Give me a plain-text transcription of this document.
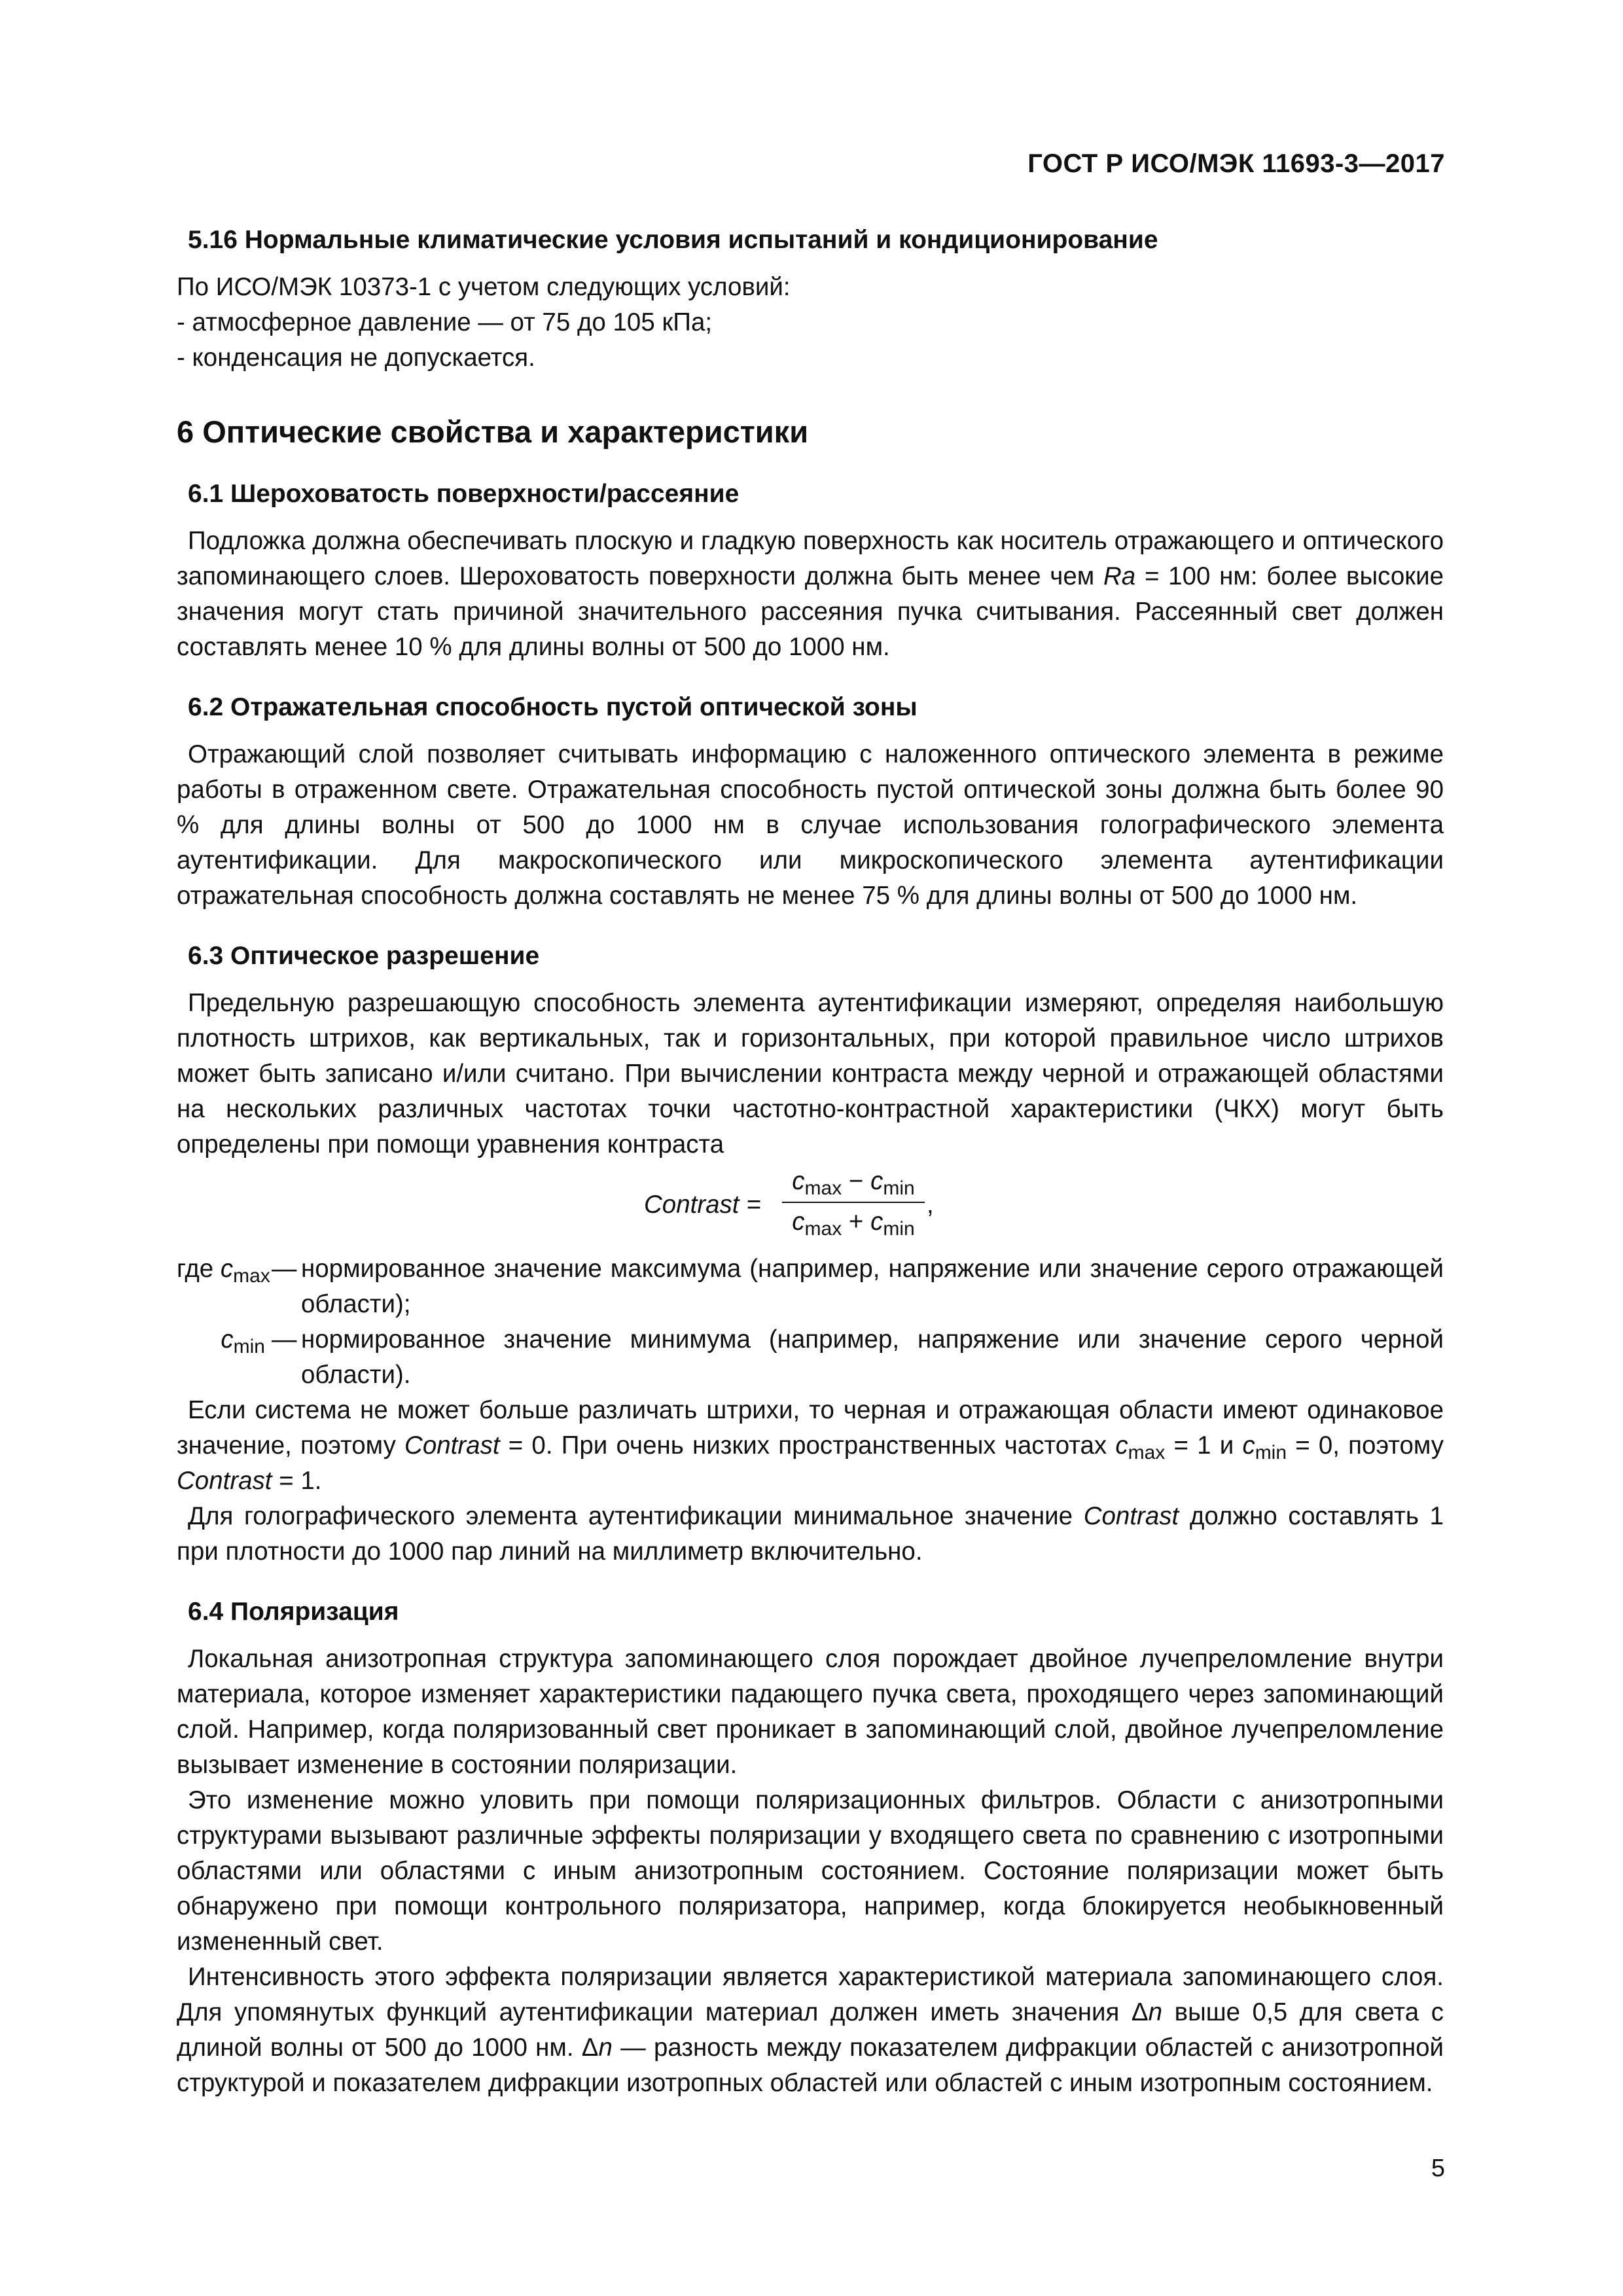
ГОСТ Р ИСО/МЭК 11693-3—2017
5.16 Нормальные климатические условия испытаний и кондиционирование

По ИСО/МЭК 10373-1 с учетом следующих условий:

- атмосферное давление — от 75 до 105 кПа;

- конденсация не допускается.

6 Оптические свойства и характеристики
6.1 Шероховатость поверхности/рассеяние

Подложка должна обеспечивать плоскую и гладкую поверхность как носитель отражающего и оптического запоминающего слоев. Шероховатость поверхности должна быть менее чем Ra = 100 нм: более высокие значения могут стать причиной значительного рассеяния пучка считывания. Рассеянный свет должен составлять менее 10 % для длины волны от 500 до 1000 нм.

6.2 Отражательная способность пустой оптической зоны

Отражающий слой позволяет считывать информацию с наложенного оптического элемента в режиме работы в отраженном свете. Отражательная способность пустой оптической зоны должна быть более 90 % для длины волны от 500 до 1000 нм в случае использования голографического элемента аутентификации. Для макроскопического или микроскопического элемента аутентификации отражательная способность должна составлять не менее 75 % для длины волны от 500 до 1000 нм.

6.3 Оптическое разрешение

Предельную разрешающую способность элемента аутентификации измеряют, определяя наибольшую плотность штрихов, как вертикальных, так и горизонтальных, при которой правильное число штрихов может быть записано и/или считано. При вычислении контраста между черной и отражающей областями на нескольких различных частотах точки частотно-контрастной характеристики (ЧКХ) могут быть определены при помощи уравнения контраста

Contrast =
$c_{max} - c_{min}$
$c_{max} + c_{min}$
,
где $c_{max}$ — нормированное значение максимума (например, напряжение или значение серого отражающей области);
$c_{min}$ — нормированное значение минимума (например, напряжение или значение серого черной области).

Если система не может больше различать штрихи, то черная и отражающая области имеют одинаковое значение, поэтому Contrast = 0. При очень низких пространственных частотах $c_{max} = 1$ и $c_{min} = 0$, поэтому Contrast = 1.

Для голографического элемента аутентификации минимальное значение Contrast должно составлять 1 при плотности до 1000 пар линий на миллиметр включительно.

6.4 Поляризация

Локальная анизотропная структура запоминающего слоя порождает двойное лучепреломление внутри материала, которое изменяет характеристики падающего пучка света, проходящего через запоминающий слой. Например, когда поляризованный свет проникает в запоминающий слой, двойное лучепреломление вызывает изменение в состоянии поляризации.

Это изменение можно уловить при помощи поляризационных фильтров. Области с анизотропными структурами вызывают различные эффекты поляризации у входящего света по сравнению с изотропными областями или областями с иным анизотропным состоянием. Состояние поляризации может быть обнаружено при помощи контрольного поляризатора, например, когда блокируется необыкновенный измененный свет.

Интенсивность этого эффекта поляризации является характеристикой материала запоминающего слоя. Для упомянутых функций аутентификации материал должен иметь значения Δn выше 0,5 для света с длиной волны от 500 до 1000 нм. Δn — разность между показателем дифракции областей с анизотропной структурой и показателем дифракции изотропных областей или областей с иным изотропным состоянием.

5
